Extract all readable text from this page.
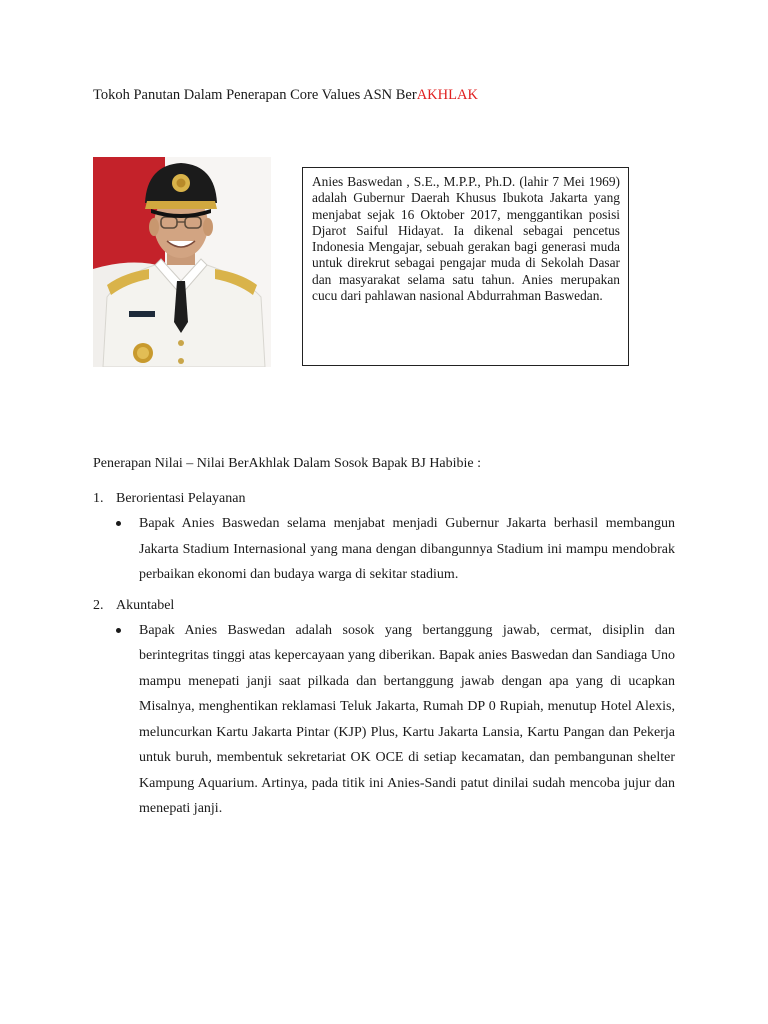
Tokoh Panutan Dalam Penerapan Core Values ASN BerAKHLAK

Anies Baswedan , S.E., M.P.P., Ph.D. (lahir 7 Mei 1969) adalah Gubernur Daerah Khusus Ibukota Jakarta yang menjabat sejak 16 Oktober 2017, menggantikan posisi Djarot Saiful Hidayat. Ia dikenal sebagai pencetus Indonesia Mengajar, sebuah gerakan bagi generasi muda untuk direkrut sebagai pengajar muda di Sekolah Dasar dan masyarakat selama satu tahun. Anies merupakan cucu dari pahlawan nasional Abdurrahman Baswedan.

Penerapan Nilai – Nilai BerAkhlak Dalam Sosok Bapak BJ Habibie :
1. Berorientasi Pelayanan

Bapak Anies Baswedan selama menjabat menjadi Gubernur Jakarta berhasil membangun Jakarta Stadium Internasional yang mana dengan dibangunnya Stadium ini mampu mendobrak perbaikan ekonomi dan budaya warga di sekitar stadium.

2. Akuntabel

Bapak Anies Baswedan adalah sosok yang bertanggung jawab, cermat, disiplin dan berintegritas tinggi atas kepercayaan yang diberikan. Bapak anies Baswedan dan Sandiaga Uno mampu menepati janji saat pilkada dan bertanggung jawab dengan apa yang di ucapkan Misalnya, menghentikan reklamasi Teluk Jakarta, Rumah DP 0 Rupiah, menutup Hotel Alexis, meluncurkan Kartu Jakarta Pintar (KJP) Plus, Kartu Jakarta Lansia, Kartu Pangan dan Pekerja untuk buruh, membentuk sekretariat OK OCE di setiap kecamatan, dan pembangunan shelter Kampung Aquarium. Artinya, pada titik ini Anies-Sandi patut dinilai sudah mencoba jujur dan menepati janji.
